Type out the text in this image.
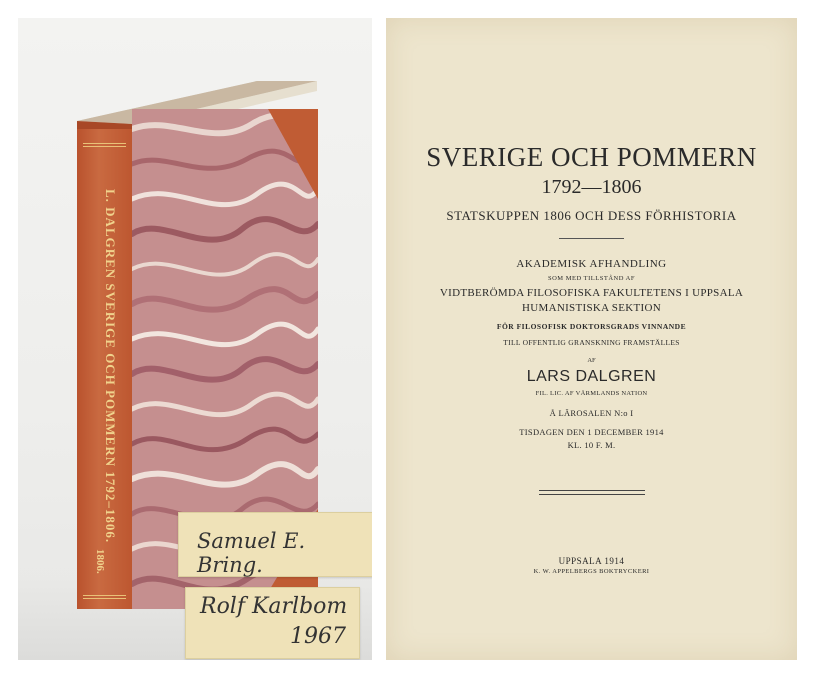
L. DALGREN SVERIGE OCH POMMERN 1792–1806.
1806.
Samuel E. Bring.
Rolf Karlbom
1967
SVERIGE OCH POMMERN
1792—1806
STATSKUPPEN 1806 OCH DESS FÖRHISTORIA
AKADEMISK AFHANDLING
SOM MED TILLSTÅND AF
VIDTBERÖMDA FILOSOFISKA FAKULTETENS I UPPSALA
HUMANISTISKA SEKTION
FÖR FILOSOFISK DOKTORSGRADS VINNANDE
TILL OFFENTLIG GRANSKNING FRAMSTÄLLES
AF
LARS DALGREN
FIL. LIC. AF VÄRMLANDS NATION
Å LÄROSALEN N:o I
TISDAGEN DEN 1 DECEMBER 1914
KL. 10 F. M.
UPPSALA 1914
K. W. APPELBERGS BOKTRYCKERI
